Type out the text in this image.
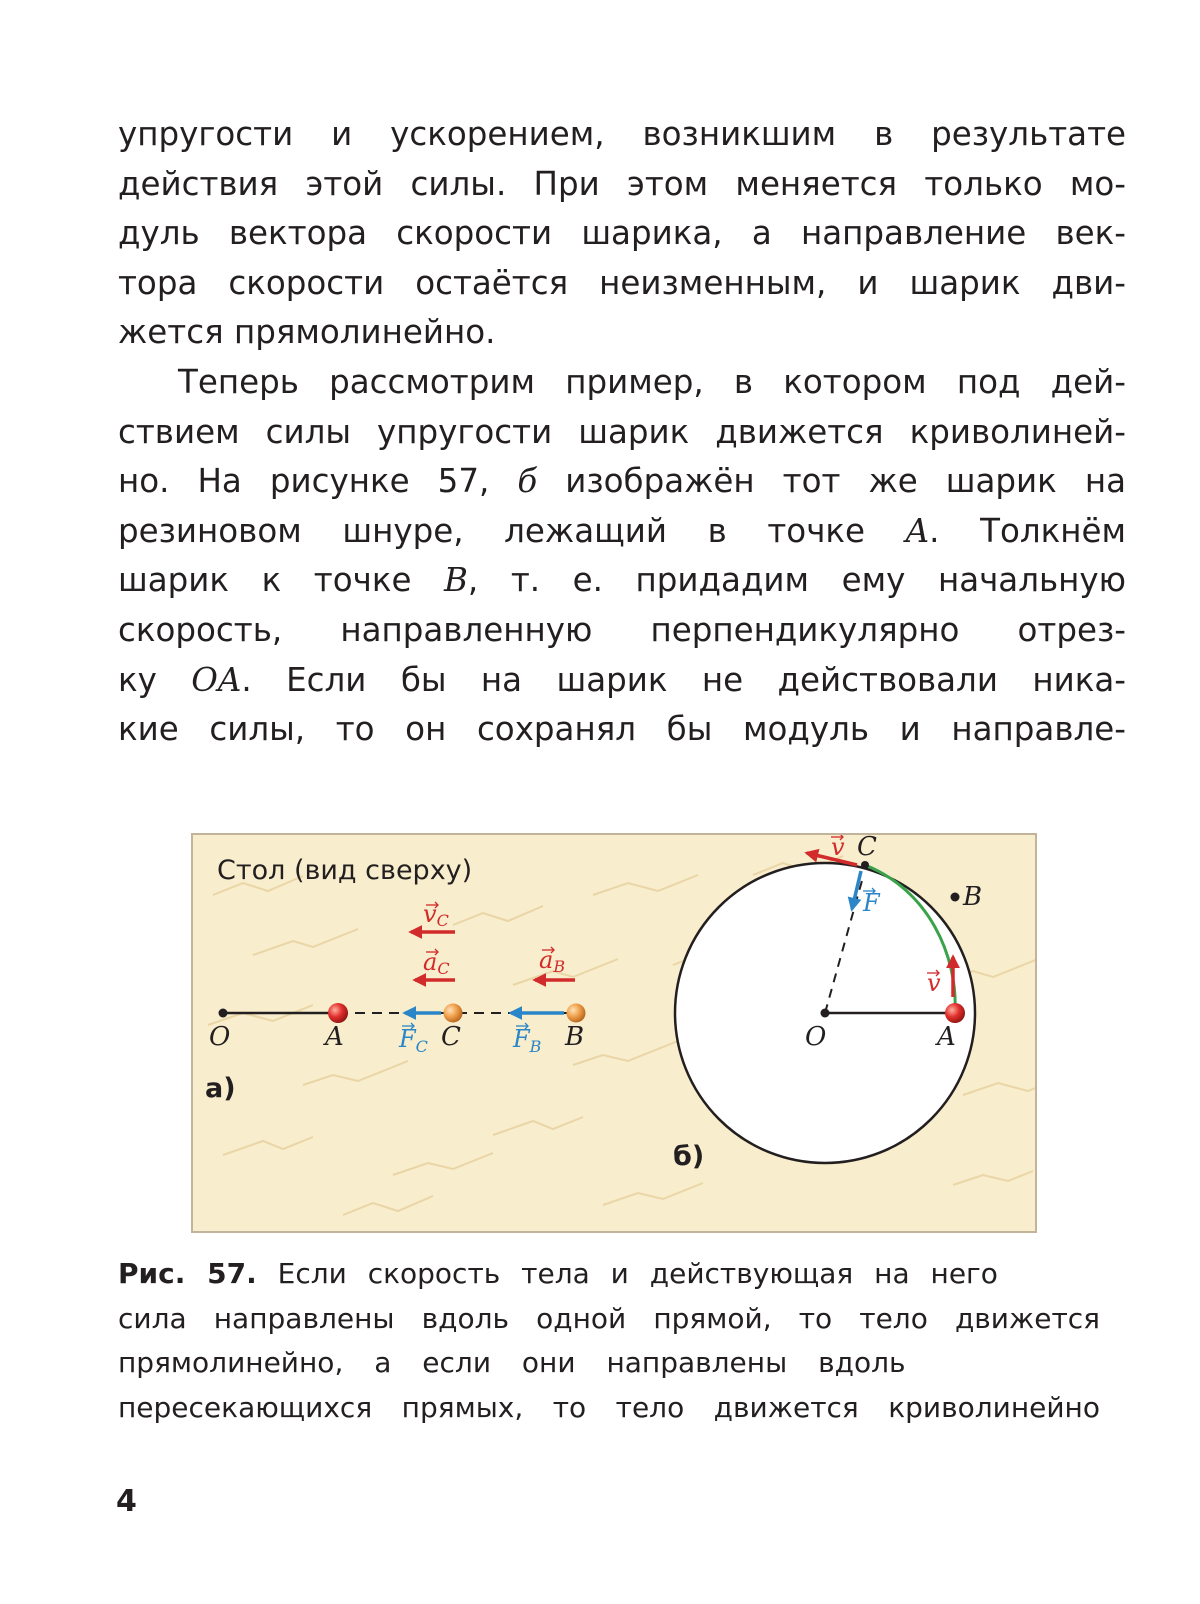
упругости и ускорением, возникшим в результате
действия этой силы. При этом меняется только мо-
дуль вектора скорости шарика, а направление век-
тора скорости остаётся неизменным, и шарик дви-
жется прямолинейно.
Теперь рассмотрим пример, в котором под дей-
ствием силы упругости шарик движется криволиней-
но. На рисунке 57, б изображён тот же шарик на
резиновом шнуре, лежащий в точке A. Толкнём
шарик к точке B, т. е. придадим ему начальную
скорость, направленную перпендикулярно отрез-
ку OA. Если бы на шарик не действовали ника-
кие силы, то он сохранял бы модуль и направле-
Стол (вид сверху)
vC
aC	aB
$F_C$	$F_B$
O	A	C	B
а)
v
v
F
O	A
B
C
б)
Рис. 57. Если скорость тела и действующая на него
сила направлены вдоль одной прямой, то тело движется
прямолинейно, а если они направлены вдоль
пересекающихся прямых, то тело движется криволинейно
4
